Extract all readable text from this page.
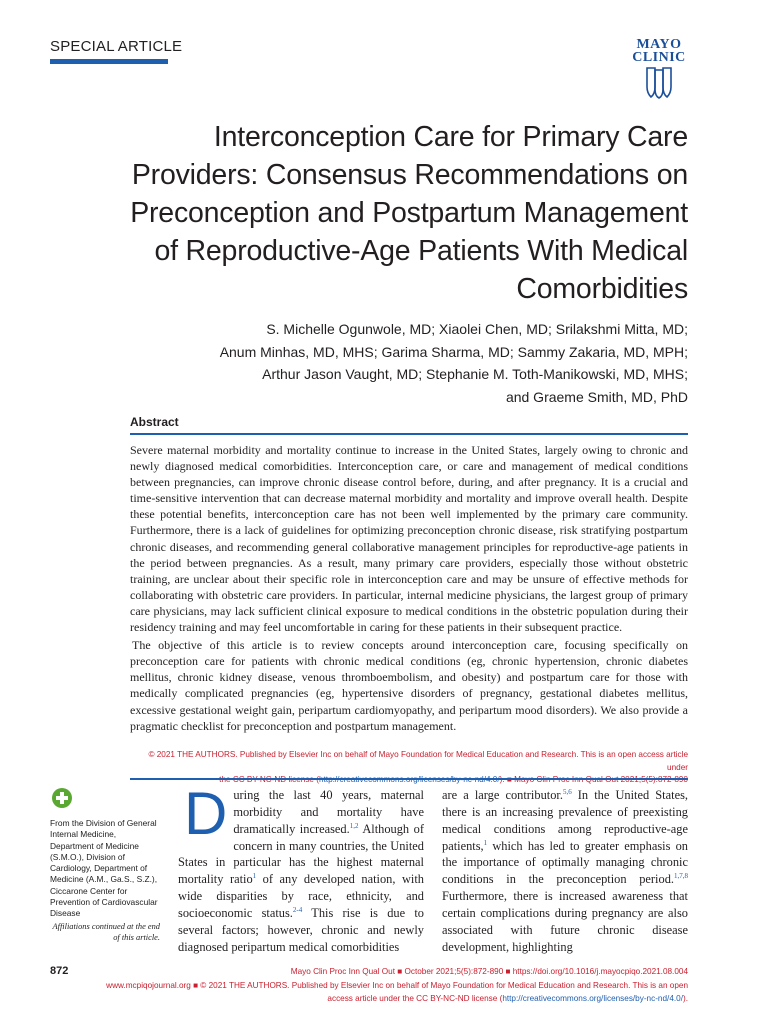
SPECIAL ARTICLE	MAYO
CLINIC
Interconception Care for Primary Care Providers: Consensus Recommendations on Preconception and Postpartum Management of Reproductive-Age Patients With Medical Comorbidities
S. Michelle Ogunwole, MD; Xiaolei Chen, MD; Srilakshmi Mitta, MD;
Anum Minhas, MD, MHS; Garima Sharma, MD; Sammy Zakaria, MD, MPH;
Arthur Jason Vaught, MD; Stephanie M. Toth-Manikowski, MD, MHS;
and Graeme Smith, MD, PhD
Abstract

Severe maternal morbidity and mortality continue to increase in the United States, largely owing to chronic and newly diagnosed medical comorbidities. Interconception care, or care and management of medical conditions between pregnancies, can improve chronic disease control before, during, and after pregnancy. It is a crucial and time-sensitive intervention that can decrease maternal morbidity and mortality and improve overall health. Despite these potential benefits, interconception care has not been well implemented by the primary care community. Furthermore, there is a lack of guidelines for optimizing preconception chronic disease, risk stratifying postpartum chronic diseases, and recommending general collaborative management principles for reproductive-age patients in the period between pregnancies. As a result, many primary care providers, especially those without obstetric training, are unclear about their specific role in interconception care and may be unsure of effective methods for collaborating with obstetric care providers. In particular, internal medicine physicians, the largest group of primary care physicians, may lack sufficient clinical exposure to medical conditions in the obstetric population during their residency training and may feel uncomfortable in caring for these patients in their subsequent practice.

The objective of this article is to review concepts around interconception care, focusing specifically on preconception care for patients with chronic medical conditions (eg, chronic hypertension, chronic diabetes mellitus, chronic kidney disease, venous thromboembolism, and obesity) and postpartum care for those with medically complicated pregnancies (eg, hypertensive disorders of pregnancy, gestational diabetes mellitus, excessive gestational weight gain, peripartum cardiomyopathy, and peripartum mood disorders). We also provide a pragmatic checklist for preconception and postpartum management.

© 2021 THE AUTHORS. Published by Elsevier Inc on behalf of Mayo Foundation for Medical Education and Research. This is an open access article under
From the Division of General Internal Medicine, Department of Medicine (S.M.O.), Division of Cardiology, Department of Medicine (A.M., Ga.S., S.Z.), Ciccarone Center for Prevention of Cardiovascular Disease
Affiliations continued at the end of this article.

During the last 40 years, maternal morbidity and mortality have dramatically increased.$^{1,2}$ Although of concern in many countries, the United States in particular has the highest maternal mortality ratio$^1$ of any developed nation, with wide disparities by race, ethnicity, and socioeconomic status.$^{2-4}$ This rise is due to several factors; however, chronic and newly diagnosed peripartum medical comorbidities

are a large contributor.$^{5,6}$ In the United States, there is an increasing prevalence of preexisting medical conditions among reproductive-age patients,$^1$ which has led to greater emphasis on the importance of optimally managing chronic conditions in the preconception period.$^{1,7,8}$ Furthermore, there is increased awareness that certain complications during pregnancy are also associated with future chronic disease development, highlighting

872	Mayo Clin Proc Inn Qual Out ■ October 2021;5(5):872-890 ■ https://doi.org/10.1016/j.mayocpiqo.2021.08.004
www.mcpiqojournal.org ■ © 2021 THE AUTHORS. Published by Elsevier Inc on behalf of Mayo Foundation for Medical Education and Research. This is an open
access article under the CC BY-NC-ND license (http://creativecommons.org/licenses/by-nc-nd/4.0/).
